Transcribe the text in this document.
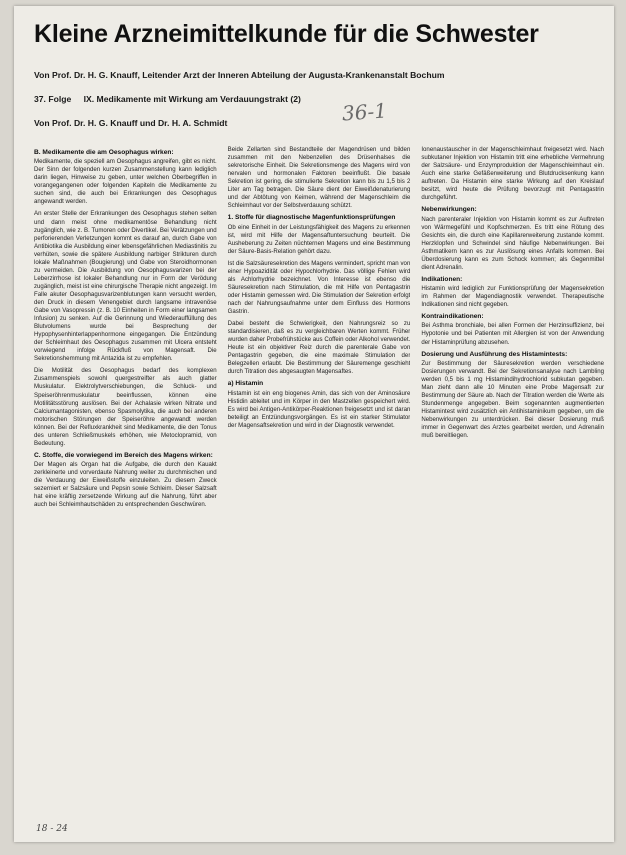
Kleine Arzneimittelkunde für die Schwester
Von Prof. Dr. H. G. Knauff, Leitender Arzt der Inneren Abteilung der Augusta-Krankenanstalt Bochum
37. Folge IX. Medikamente mit Wirkung am Verdauungstrakt (2)
Von Prof. Dr. H. G. Knauff und Dr. H. A. Schmidt	36-1
B. Medikamente die am Oesophagus wirken:

Medikamente, die speziell am Oesophagus angreifen, gibt es nicht. Der Sinn der folgenden kurzen Zusammenstellung kann lediglich darin liegen, Hinweise zu geben, unter welchen Oberbegriffen in vorangegangenen oder folgenden Kapiteln die Medikamente zu suchen sind, die auch bei Erkrankungen des Oesophagus angewandt werden.

An erster Stelle der Erkrankungen des Oesophagus stehen selten und dann meist ohne medikamentöse Behandlung nicht zugänglich, wie z. B. Tumoren oder Divertikel. Bei Verätzungen und perforierenden Verletzungen kommt es darauf an, durch Gabe von Antibiotika die Ausbildung einer lebensgefährlichen Mediastinitis zu verhüten, sowie die spätere Ausbildung narbiger Strikturen durch lokale Maßnahmen (Bougierung) und Gabe von Steroidhormonen zu vermeiden. Die Ausbildung von Oesophagusvarizen bei der Leberzirrhose ist lokaler Behandlung nur in Form der Verödung zugänglich, meist ist eine chirurgische Therapie nicht angezeigt. Im Falle akuter Oesophagusvarizenblutungen kann versucht werden, den Druck in diesem Venengebiet durch langsame intravenöse Gabe von Vasopressin (z. B. 10 Einheiten in Form einer langsamen Infusion) zu senken. Auf die Gerinnung und Wiederauffüllung des Blutvolumens wurde bei Besprechung der Hypophysenhinterlappenhormone eingegangen. Die Entzündung der Schleimhaut des Oesophagus zusammen mit Ulcera entsteht vorwiegend infolge Rückfluß von Magensaft. Die Sekretionshemmung mit Antazida ist zu empfehlen.

Die Motilität des Oesophagus bedarf des komplexen Zusammenspiels sowohl quergestreifter als auch glatter Muskulatur. Elektrolytverschiebungen, die Schluck- und Speiseröhrenmuskulatur beeinflussen, können eine Motilitätsstörung auslösen. Bei der Achalasie wirken Nitrate und Calciumantagonisten, ebenso Spasmolytika, die auch bei anderen motorischen Störungen der Speiseröhre angewandt werden können. Bei der Refluxkrankheit sind Medikamente, die den Tonus des unteren Schließmuskels erhöhen, wie Metoclopramid, von Bedeutung.

C. Stoffe, die vorwiegend im Bereich des Magens wirken:

Der Magen als Organ hat die Aufgabe, die durch den Kauakt zerkleinerte und vorverdaute Nahrung weiter zu durchmischen und die Verdauung der Eiweißstoffe einzuleiten. Zu diesem Zweck sezerniert er Salzsäure und Pepsin sowie Schleim. Dieser Salzsaft hat eine kräftig zersetzende Wirkung auf die Nahrung, führt aber auch bei Schleimhautschäden zu entsprechenden Geschwüren.

Beide Zellarten sind Bestandteile der Magendrüsen und bilden zusammen mit den Nebenzellen des Drüsenhalses die sekretorische Einheit. Die Sekretionsmenge des Magens wird von nervalen und hormonalen Faktoren beeinflußt. Die basale Sekretion ist gering, die stimulierte Sekretion kann bis zu 1,5 bis 2 Liter am Tag betragen. Die Säure dient der Eiweißdenaturierung und der Abtötung von Keimen, während der Magenschleim die Schleimhaut vor der Selbstverdauung schützt.

1. Stoffe für diagnostische Magenfunktionsprüfungen

Ob eine Einheit in der Leistungsfähigkeit des Magens zu erkennen ist, wird mit Hilfe der Magensaftuntersuchung beurteilt. Die Ausheberung zu Zeiten nüchternen Magens und eine Bestimmung der Säure-Basis-Relation gehört dazu.

Ist die Salzsäuresekretion des Magens vermindert, spricht man von einer Hypoazidität oder Hypochlorhydrie. Das völlige Fehlen wird als Achlorhydrie bezeichnet. Von Interesse ist ebenso die Säuresekretion nach Stimulation, die mit Hilfe von Pentagastrin oder Histamin gemessen wird. Die Stimulation der Sekretion erfolgt nach der Nahrungsaufnahme unter dem Einfluss des Hormons Gastrin.

Dabei besteht die Schwierigkeit, den Nahrungsreiz so zu standardisieren, daß es zu vergleichbaren Werten kommt. Früher wurden daher Probefrühstücke aus Coffein oder Alkohol verwendet. Heute ist ein objektiver Reiz durch die parenterale Gabe von Pentagastrin gegeben, die eine maximale Stimulation der Belegzellen erlaubt. Die Bestimmung der Säuremenge geschieht durch Titration des abgesaugten Magensaftes.

a) Histamin

Histamin ist ein eng biogenes Amin, das sich von der Aminosäure Histidin ableitet und im Körper in den Mastzellen gespeichert wird. Es wird bei Antigen-Antikörper-Reaktionen freigesetzt und ist daran beteiligt an Entzündungsvorgängen. Es ist ein starker Stimulator der Magensaftsekretion und wird in der Diagnostik verwendet.

Ionenaustauscher in der Magenschleimhaut freigesetzt wird. Nach subkutaner Injektion von Histamin tritt eine erhebliche Vermehrung der Salzsäure- und Enzymproduktion der Magenschleimhaut ein. Auch eine starke Gefäßerweiterung und Blutdrucksenkung kann auftreten. Da Histamin eine starke Wirkung auf den Kreislauf besitzt, wird heute die Prüfung bevorzugt mit Pentagastrin durchgeführt.

Nebenwirkungen:

Nach parenteraler Injektion von Histamin kommt es zur Auftreten von Wärmegefühl und Kopfschmerzen. Es tritt eine Rötung des Gesichts ein, die durch eine Kapillarerweiterung zustande kommt. Herzklopfen und Schwindel sind häufige Nebenwirkungen. Bei Asthmatikern kann es zur Auslösung eines Anfalls kommen. Bei Überdosierung kann es zum Schock kommen; als Gegenmittel dient Adrenalin.

Indikationen:

Histamin wird lediglich zur Funktionsprüfung der Magensekretion im Rahmen der Magendiagnostik verwendet. Therapeutische Indikationen sind nicht gegeben.

Kontraindikationen:

Bei Asthma bronchiale, bei allen Formen der Herzinsuffizienz, bei Hypotonie und bei Patienten mit Allergien ist von der Anwendung der Histaminprüfung abzusehen.

Dosierung und Ausführung des Histamintests:

Zur Bestimmung der Säuresekretion werden verschiedene Dosierungen verwandt. Bei der Sekretionsanalyse nach Lambling werden 0,5 bis 1 mg Histamindihydrochlorid subkutan gegeben. Man zieht dann alle 10 Minuten eine Probe Magensaft zur Bestimmung der Säure ab. Nach der Titration werden die Werte als Stundenmenge angegeben. Beim sogenannten augmentierten Histamintest wird zusätzlich ein Antihistaminikum gegeben, um die Nebenwirkungen zu unterdrücken. Bei dieser Dosierung muß immer in Gegenwart des Arztes gearbeitet werden, und Adrenalin muß bereitliegen.

18 - 24
